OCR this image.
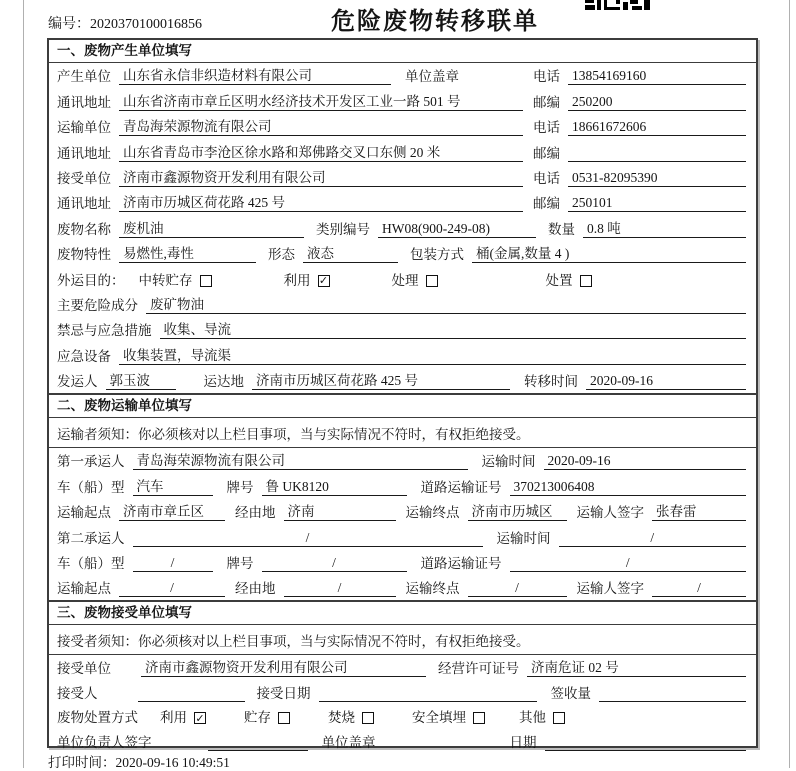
编号：2020370100016856	危险废物转移联单
一、废物产生单位填写
产生单位 山东省永信非织造材料有限公司	单位盖章	电话 13854169160
通讯地址 山东省济南市章丘区明水经济技术开发区工业一路 501 号	邮编 250200
运输单位 青岛海荣源物流有限公司	电话 18661672606
通讯地址 山东省青岛市李沧区徐水路和郑佛路交叉口东侧 20 米	邮编
接受单位 济南市鑫源物资开发利用有限公司	电话 0531-82095390
通讯地址 济南市历城区荷花路 425 号	邮编 250101
废物名称 废机油	类别编号 HW08(900-249-08)	数量 0.8 吨
废物特性 易燃性,毒性	形态 液态	包装方式 桶(金属,数量 4 )
外运目的：	中转贮存	利用 ✓	处理	处置
主要危险成分 废矿物油
禁忌与应急措施 收集、导流
应急设备 收集装置，导流渠
发运人 郭玉波	运达地 济南市历城区荷花路 425 号	转移时间 2020-09-16
二、废物运输单位填写
运输者须知：你必须核对以上栏目事项，当与实际情况不符时，有权拒绝接受。
第一承运人 青岛海荣源物流有限公司	运输时间 2020-09-16
车（船）型 汽车	牌号 鲁 UK8120	道路运输证号 370213006408
运输起点 济南市章丘区	经由地 济南	运输终点 济南市历城区	运输人签字 张春雷
第二承运人	/	运输时间	/
车（船）型	/	牌号	/	道路运输证号	/
运输起点	/	经由地	/	运输终点	/	运输人签字	/
三、废物接受单位填写
接受者须知：你必须核对以上栏目事项，当与实际情况不符时，有权拒绝接受。
接受单位	济南市鑫源物资开发利用有限公司	经营许可证号 济南危证 02 号
接受人	接受日期	签收量
废物处置方式	利用 ✓	贮存	焚烧	安全填埋	其他
单位负责人签字	单位盖章	日期
打印时间：2020-09-16 10:49:51
